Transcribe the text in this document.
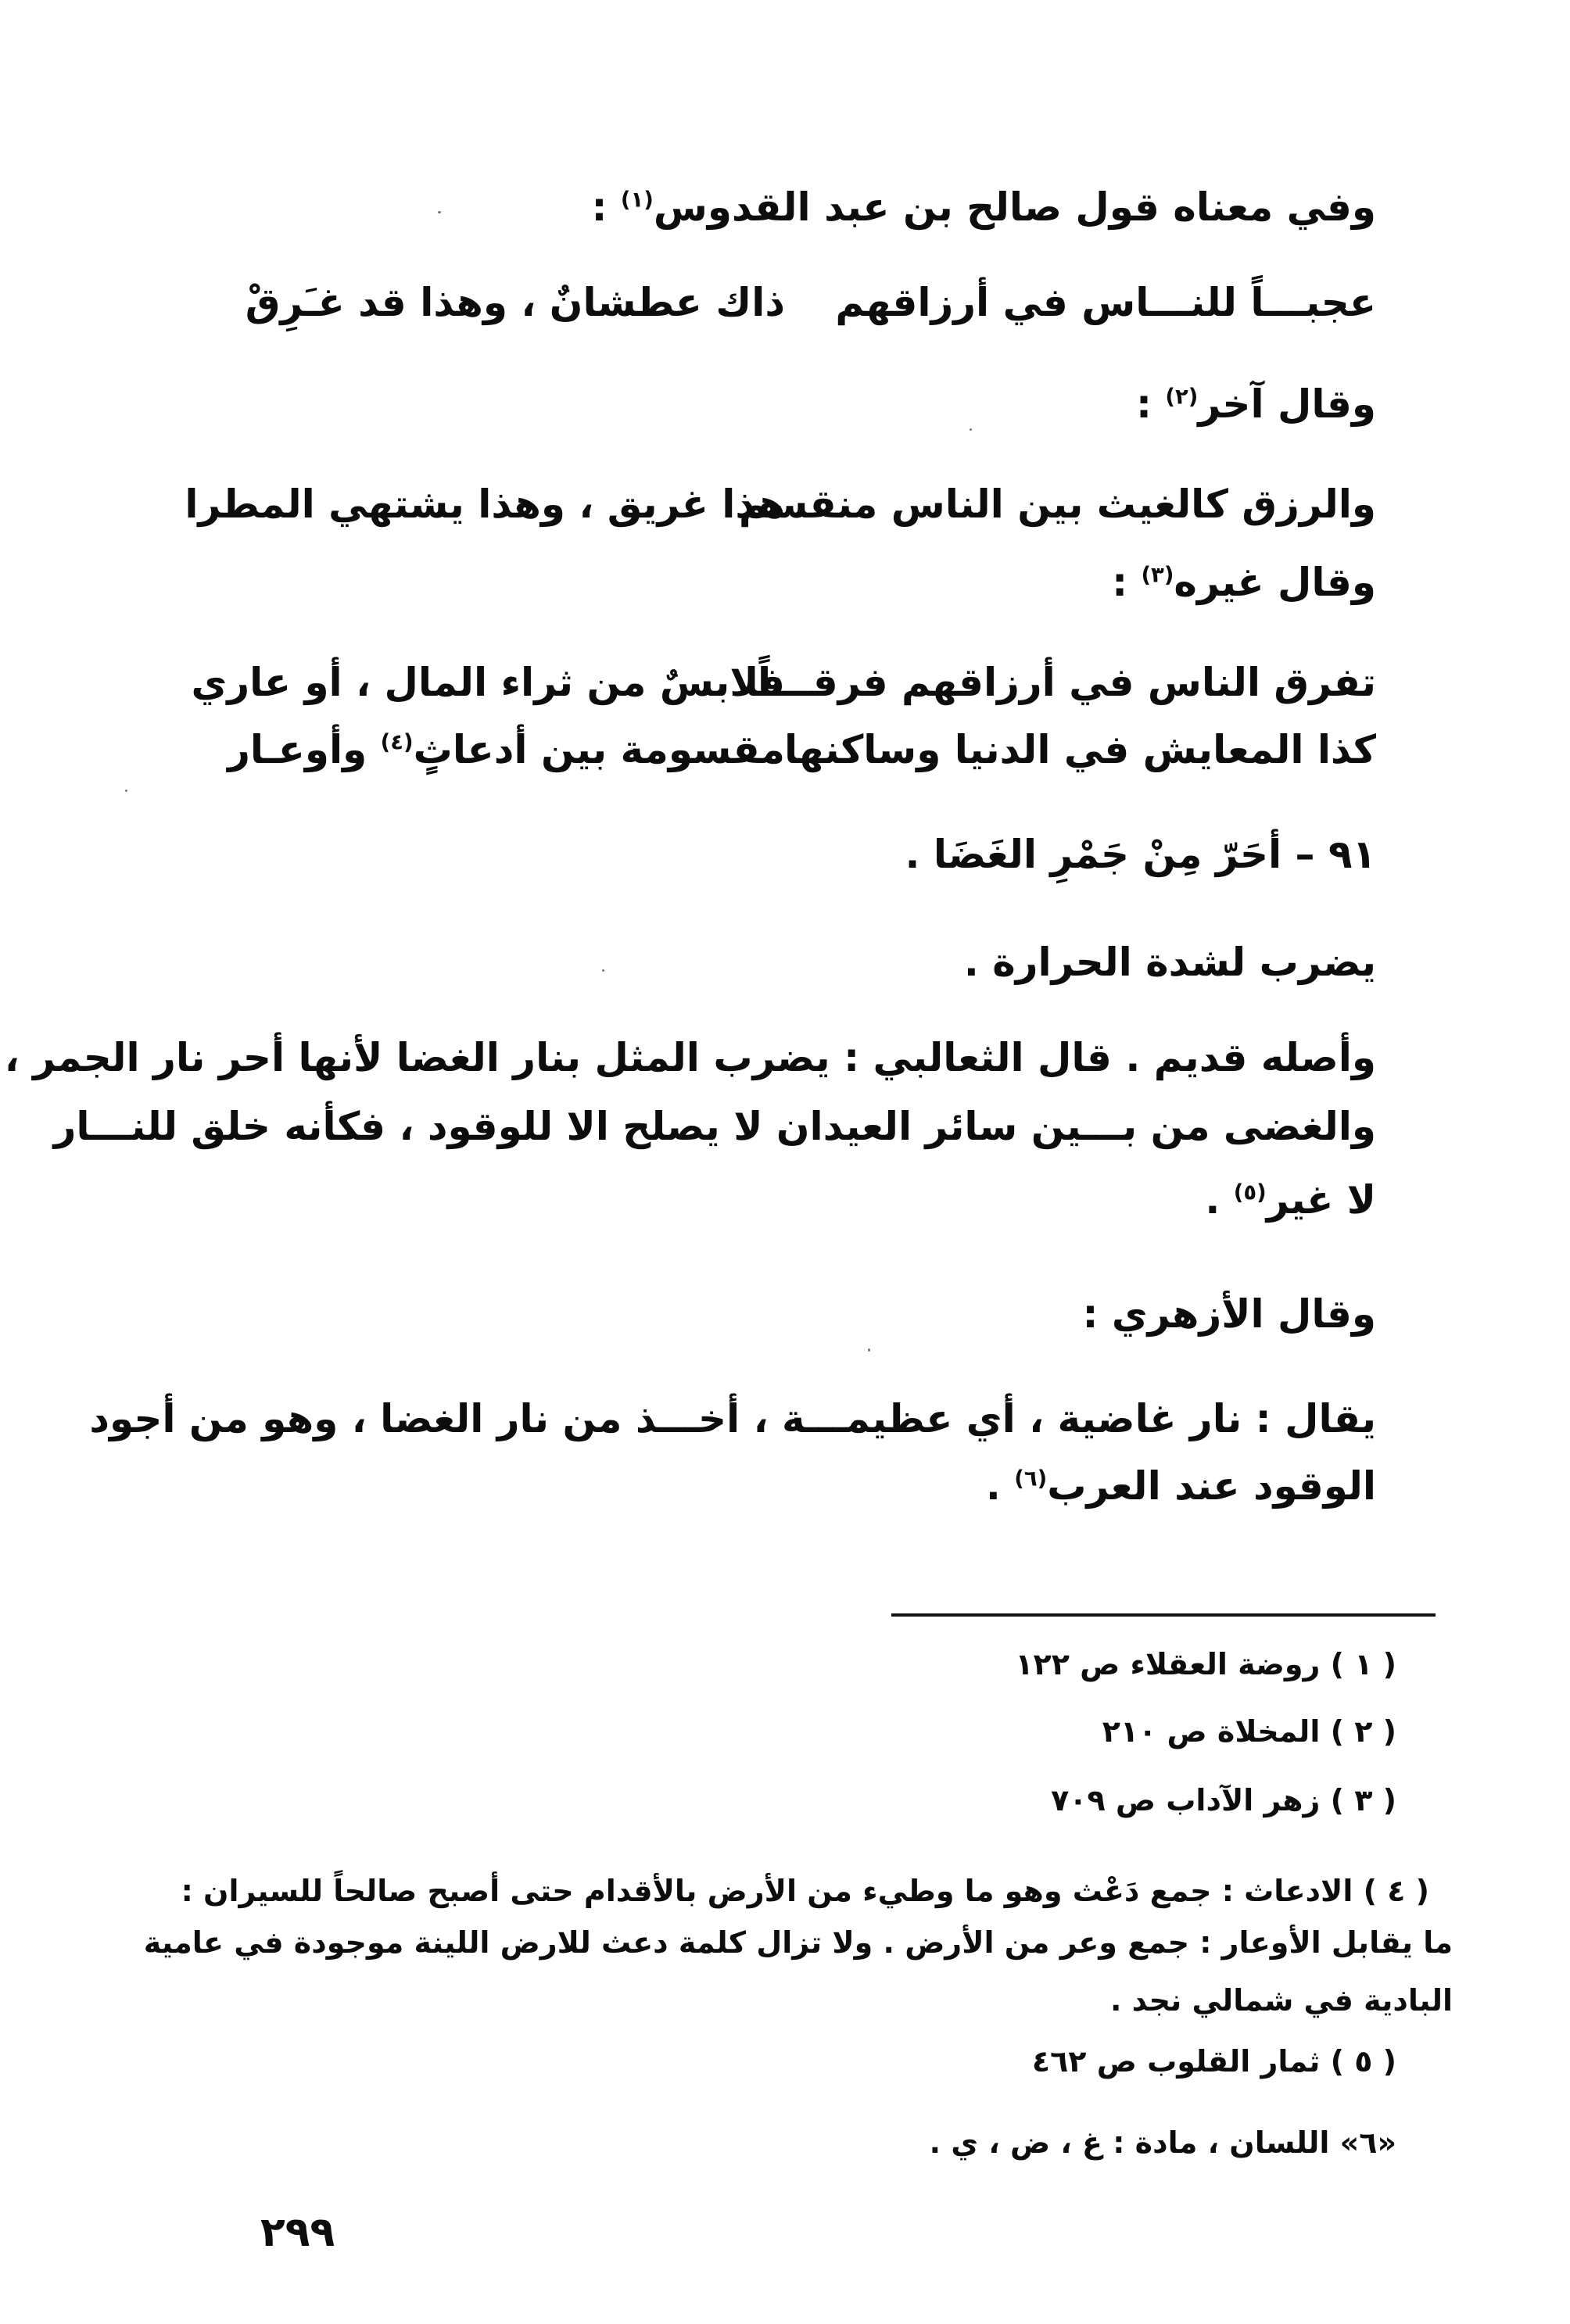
وفي معناه قول صالح بن عبد القدوس$^{(١)}$ :
عجبـــاً للنـــاس في أرزاقهم
ذاك عطشانٌ ، وهذا قد غـَرِقْ
وقال آخر$^{(٢)}$ :
والرزق كالغيث بين الناس منقسم
هذا غريق ، وهذا يشتهي المطرا
وقال غيره$^{(٣)}$ :
تفرق الناس في أرزاقهم فرقـــاً
فلابسٌ من ثراء المال ، أو عاري
كذا المعايش في الدنيا وساكنها
مقسومة بين أدعاثٍ$^{(٤)}$ وأوعـار
٩١ – أحَرّ مِنْ جَمْرِ الغَضَا .
يضرب لشدة الحرارة .
وأصله قديم . قال الثعالبي : يضرب المثل بنار الغضا لأنها أحر نار الجمر ،
والغضى من بـــين سائر العيدان لا يصلح الا للوقود ، فكأنه خلق للنـــار
لا غير$^{(٥)}$ .
وقال الأزهري :
يقال : نار غاضية ، أي عظيمـــة ، أخـــذ من نار الغضا ، وهو من أجود
الوقود عند العرب$^{(٦)}$ .
( ١ ) روضة العقلاء ص ١٢٢
( ٢ ) المخلاة ص ٢١٠
( ٣ ) زهر الآداب ص ٧٠٩
( ٤ ) الادعاث : جمع دَعْث وهو ما وطيء من الأرض بالأقدام حتى أصبح صالحاً للسيران :
ما يقابل الأوعار : جمع وعر من الأرض . ولا تزال كلمة دعث للارض اللينة موجودة في عامية
البادية في شمالي نجد .
( ٥ ) ثمار القلوب ص ٤٦٢
«٦» اللسان ، مادة : غ ، ض ، ي .
٢٩٩
